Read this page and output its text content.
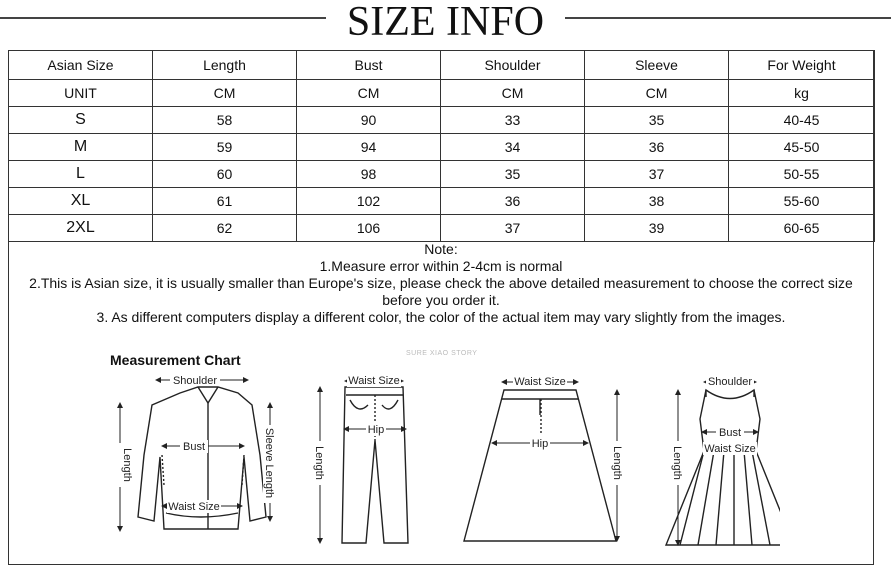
SIZE INFO
Asian Size	Length	Bust	Shoulder	Sleeve	For Weight
UNIT	CM	CM	CM	CM	kg
S	58	90	33	35	40-45
M	59	94	34	36	45-50
L	60	98	35	37	50-55
XL	61	102	36	38	55-60
2XL	62	106	37	39	60-65
Note:
1.Measure error within 2-4cm is normal
2.This is Asian size, it is usually smaller than Europe's size, please check the above detailed measurement to choose the correct size
before you order it.
3. As different computers display a different color, the color of the actual item may vary slightly from the images.
Measurement Chart	SURE XIAO STORY
Shoulder
Bust
Waist Size
Length	Sleeve Length
Waist Size
Hip
Length
Waist Size
Hip
Length
Shoulder
Bust
Waist Size
Length
